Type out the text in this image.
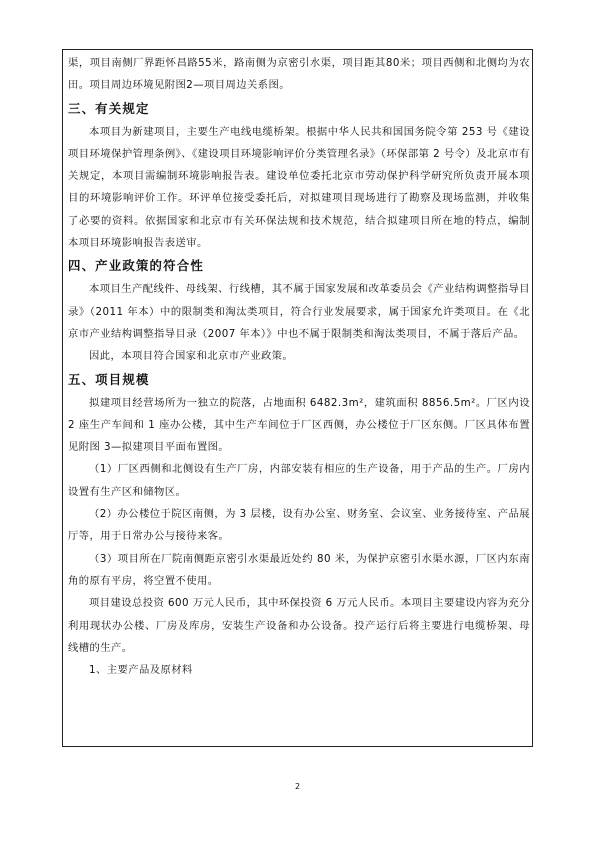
渠，项目南侧厂界距怀昌路55米，路南侧为京密引水渠，项目距其80米；项目西侧和北侧均为农田。项目周边环境见附图2—项目周边关系图。

三、有关规定

本项目为新建项目，主要生产电线电缆桥架。根据中华人民共和国国务院令第 253 号《建设项目环境保护管理条例》、《建设项目环境影响评价分类管理名录》（环保部第 2 号令）及北京市有关规定，本项目需编制环境影响报告表。建设单位委托北京市劳动保护科学研究所负责开展本项目的环境影响评价工作。环评单位接受委托后，对拟建项目现场进行了勘察及现场监测，并收集了必要的资料。依据国家和北京市有关环保法规和技术规范，结合拟建项目所在地的特点，编制本项目环境影响报告表送审。

四、产业政策的符合性

本项目生产配线件、母线架、行线槽，其不属于国家发展和改革委员会《产业结构调整指导目录》（2011 年本）中的限制类和淘汰类项目，符合行业发展要求，属于国家允许类项目。在《北京市产业结构调整指导目录（2007 年本）》中也不属于限制类和淘汰类项目，不属于落后产品。

因此，本项目符合国家和北京市产业政策。

五、项目规模

拟建项目经营场所为一独立的院落，占地面积 6482.3m²，建筑面积 8856.5m²。厂区内设 2 座生产车间和 1 座办公楼，其中生产车间位于厂区西侧，办公楼位于厂区东侧。厂区具体布置见附图 3—拟建项目平面布置图。

（1）厂区西侧和北侧设有生产厂房，内部安装有相应的生产设备，用于产品的生产。厂房内设置有生产区和储物区。

（2）办公楼位于院区南侧，为 3 层楼，设有办公室、财务室、会议室、业务接待室、产品展厅等，用于日常办公与接待来客。

（3）项目所在厂院南侧距京密引水渠最近处约 80 米，为保护京密引水渠水源，厂区内东南角的原有平房，将空置不使用。

项目建设总投资 600 万元人民币，其中环保投资 6 万元人民币。本项目主要建设内容为充分利用现状办公楼、厂房及库房，安装生产设备和办公设备。投产运行后将主要进行电缆桥架、母线槽的生产。

1、主要产品及原材料

2
